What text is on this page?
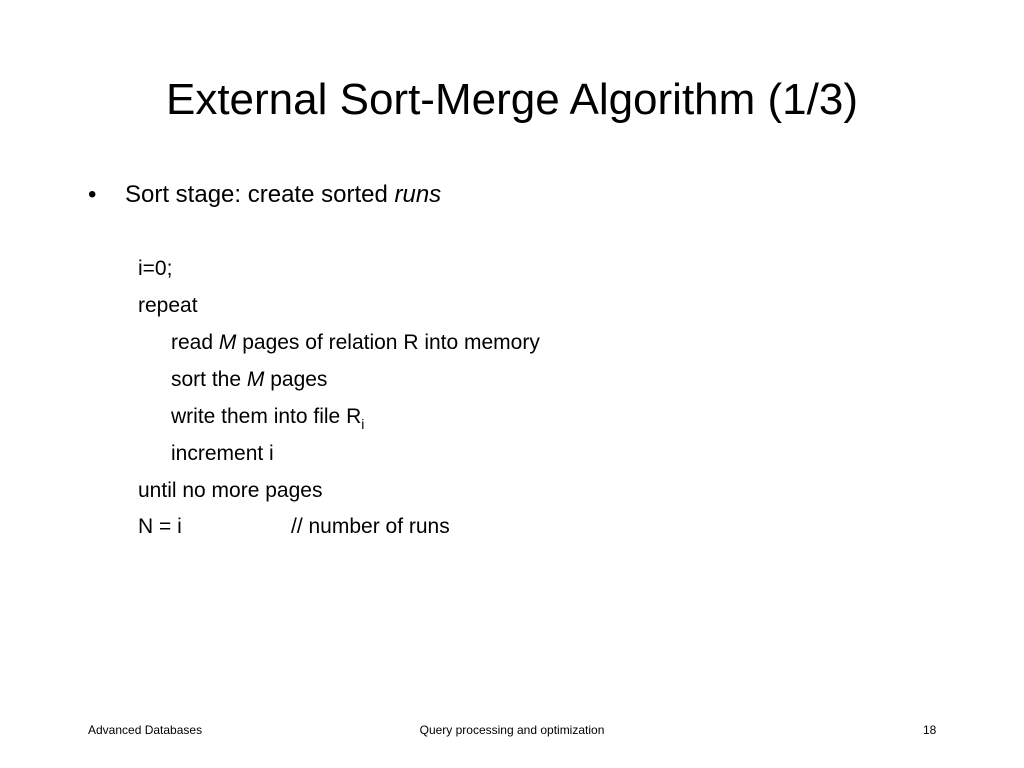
External Sort-Merge Algorithm (1/3)
• Sort stage: create sorted runs
i=0;
repeat
read M pages of relation R into memory
sort the M pages
write them into file $R_i$
increment i
until no more pages
N = i	// number of runs
Advanced Databases	Query processing and optimization	18
